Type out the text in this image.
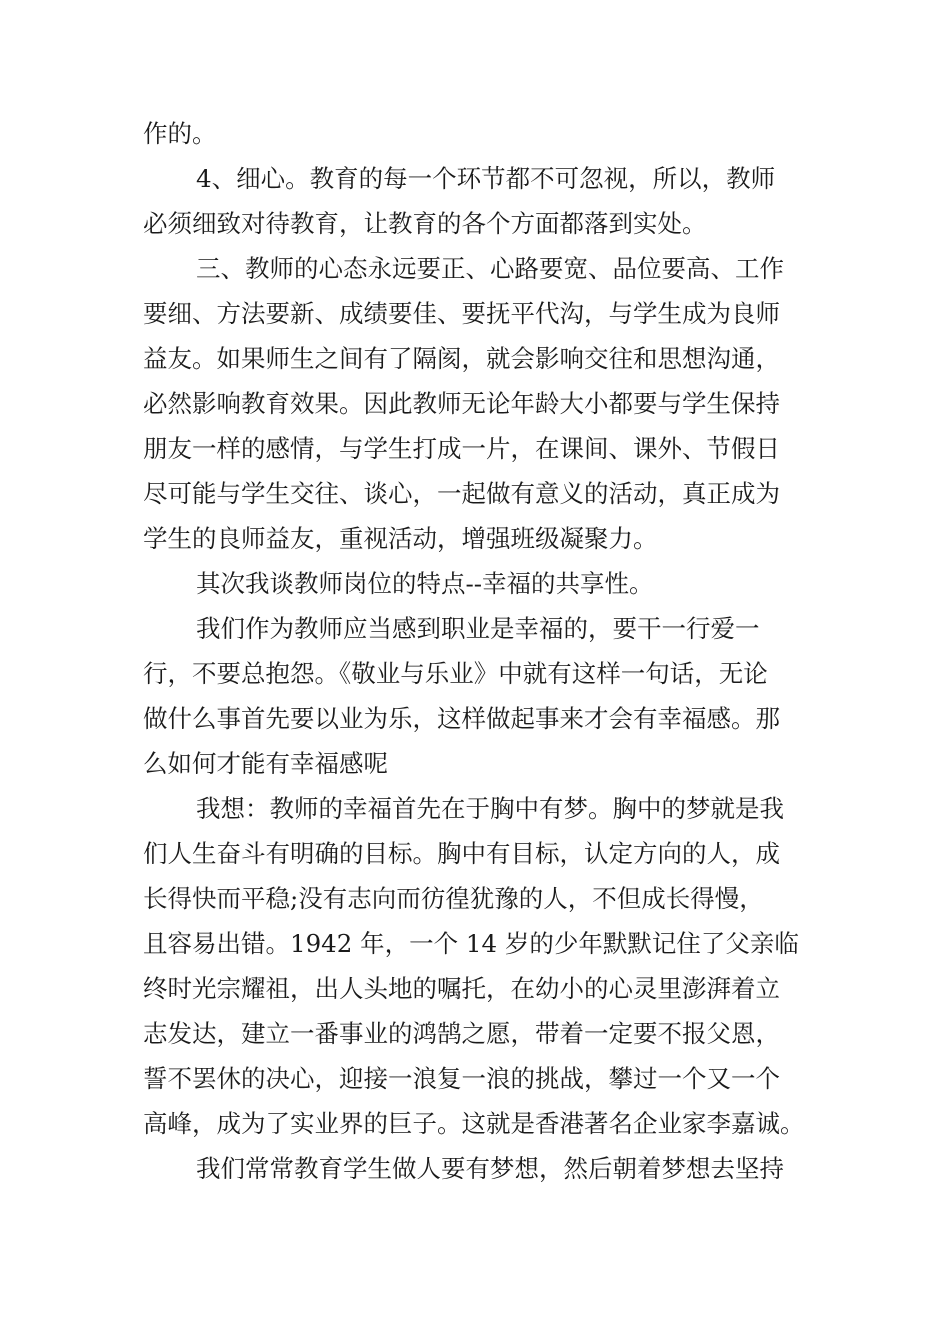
作的。
4、细心。教育的每一个环节都不可忽视，所以，教师
必须细致对待教育，让教育的各个方面都落到实处。
三、教师的心态永远要正、心路要宽、品位要高、工作
要细、方法要新、成绩要佳、要抚平代沟，与学生成为良师
益友。如果师生之间有了隔阂，就会影响交往和思想沟通，
必然影响教育效果。因此教师无论年龄大小都要与学生保持
朋友一样的感情，与学生打成一片，在课间、课外、节假日
尽可能与学生交往、谈心，一起做有意义的活动，真正成为
学生的良师益友，重视活动，增强班级凝聚力。
其次我谈教师岗位的特点--幸福的共享性。
我们作为教师应当感到职业是幸福的，要干一行爱一
行，不要总抱怨。《敬业与乐业》中就有这样一句话，无论
做什么事首先要以业为乐，这样做起事来才会有幸福感。那
么如何才能有幸福感呢
我想：教师的幸福首先在于胸中有梦。胸中的梦就是我
们人生奋斗有明确的目标。胸中有目标，认定方向的人，成
长得快而平稳;没有志向而彷徨犹豫的人，不但成长得慢，
且容易出错。1942 年，一个 14 岁的少年默默记住了父亲临
终时光宗耀祖，出人头地的嘱托，在幼小的心灵里澎湃着立
志发达，建立一番事业的鸿鹄之愿，带着一定要不报父恩，
誓不罢休的决心，迎接一浪复一浪的挑战，攀过一个又一个
高峰，成为了实业界的巨子。这就是香港著名企业家李嘉诚。
我们常常教育学生做人要有梦想，然后朝着梦想去坚持
